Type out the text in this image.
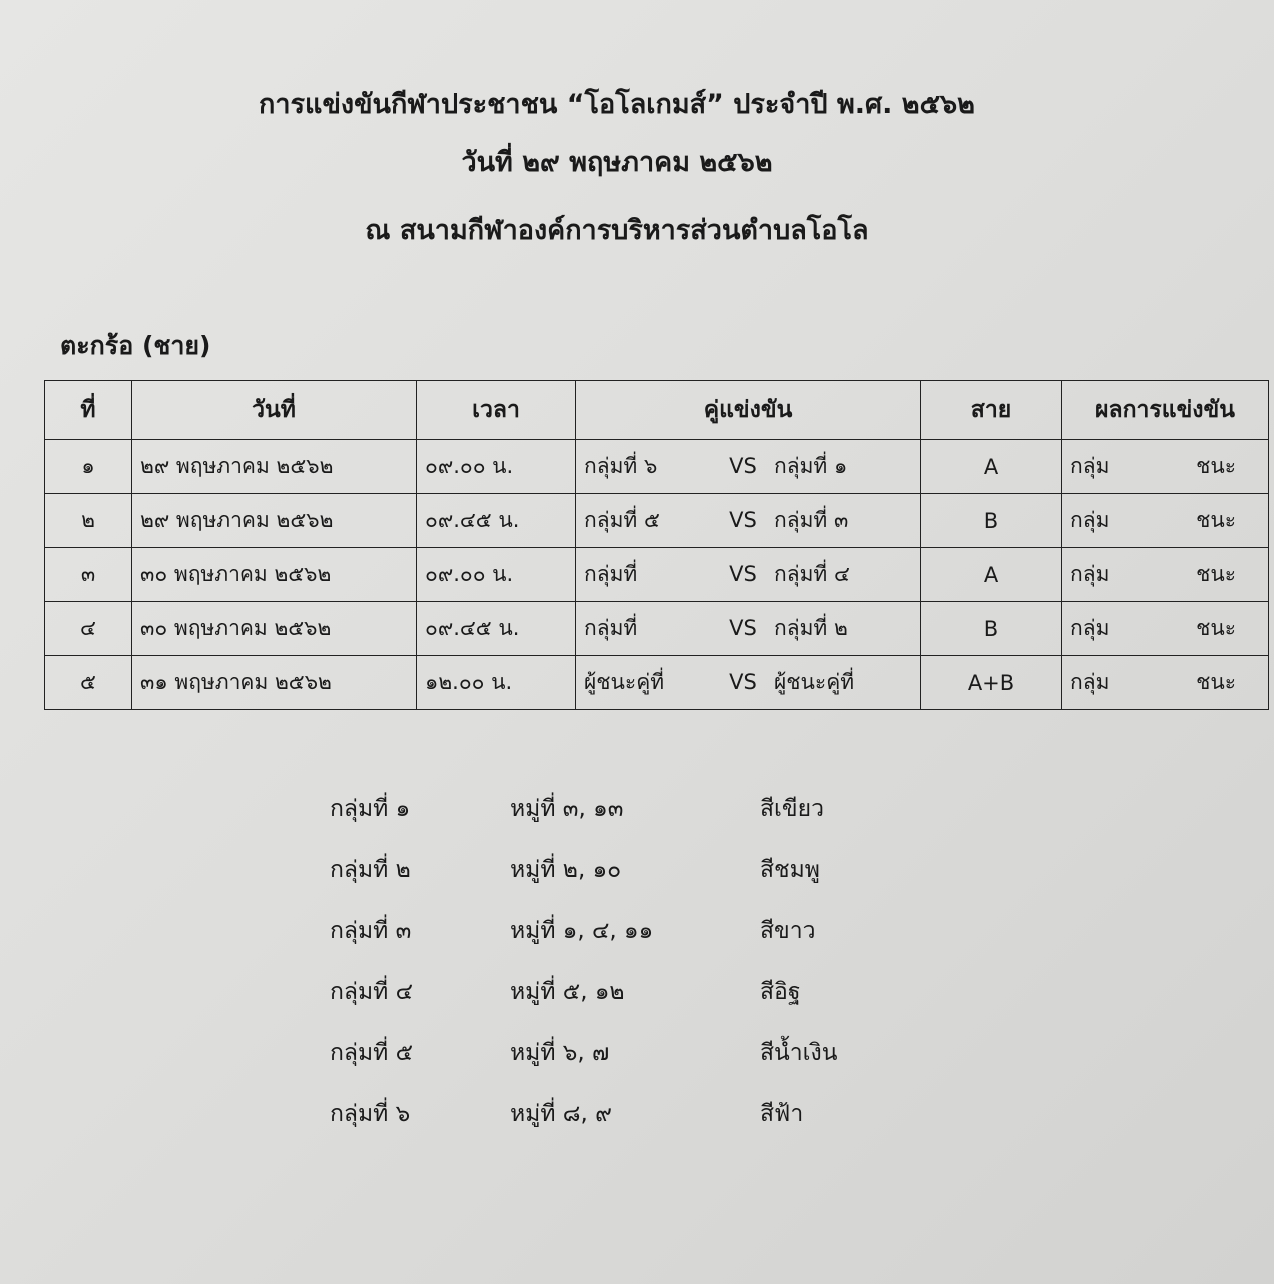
การแข่งขันกีฬาประชาชน “โอโลเกมส์” ประจำปี พ.ศ. ๒๕๖๒
วันที่ ๒๙ พฤษภาคม ๒๕๖๒
ณ สนามกีฬาองค์การบริหารส่วนตำบลโอโล
ตะกร้อ (ชาย)
ที่	วันที่	เวลา	คู่แข่งขัน	สาย	ผลการแข่งขัน
๑	๒๙ พฤษภาคม ๒๕๖๒	๐๙.๐๐ น.	กลุ่มที่ ๖ VS กลุ่มที่ ๑	A	กลุ่ม ชนะ
๒	๒๙ พฤษภาคม ๒๕๖๒	๐๙.๔๕ น.	กลุ่มที่ ๕ VS กลุ่มที่ ๓	B	กลุ่ม ชนะ
๓	๓๐ พฤษภาคม ๒๕๖๒	๐๙.๐๐ น.	กลุ่มที่ VS กลุ่มที่ ๔	A	กลุ่ม ชนะ
๔	๓๐ พฤษภาคม ๒๕๖๒	๐๙.๔๕ น.	กลุ่มที่ VS กลุ่มที่ ๒	B	กลุ่ม ชนะ
๕	๓๑ พฤษภาคม ๒๕๖๒	๑๒.๐๐ น.	ผู้ชนะคู่ที่ VS ผู้ชนะคู่ที่	A+B	กลุ่ม ชนะ
กลุ่มที่ ๑	หมู่ที่ ๓, ๑๓	สีเขียว
กลุ่มที่ ๒	หมู่ที่ ๒, ๑๐	สีชมพู
กลุ่มที่ ๓	หมู่ที่ ๑, ๔, ๑๑	สีขาว
กลุ่มที่ ๔	หมู่ที่ ๕, ๑๒	สีอิฐ
กลุ่มที่ ๕	หมู่ที่ ๖, ๗	สีน้ำเงิน
กลุ่มที่ ๖	หมู่ที่ ๘, ๙	สีฟ้า
